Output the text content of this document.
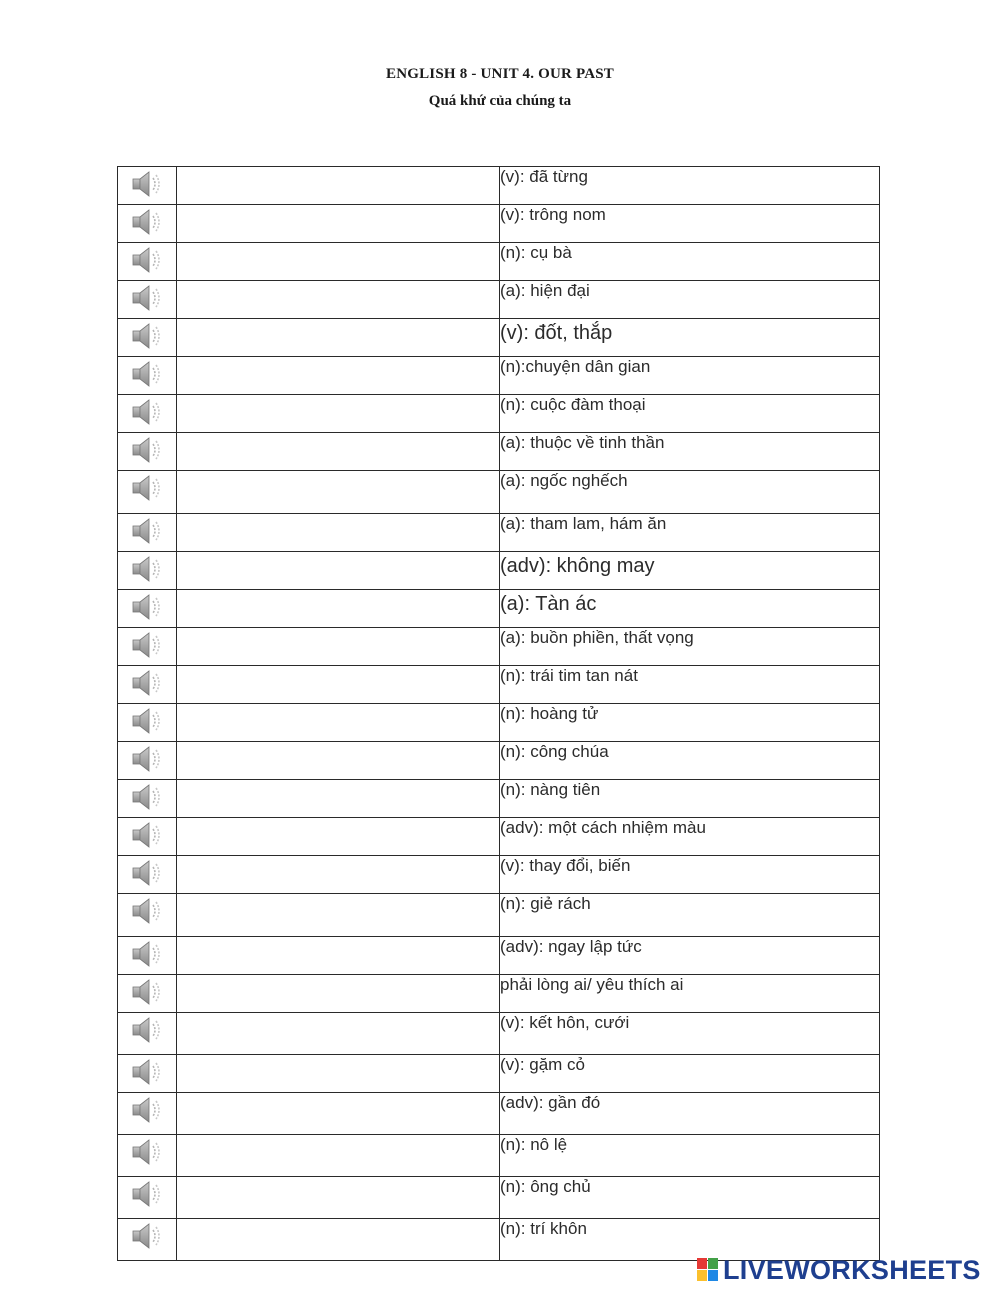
ENGLISH 8 - UNIT 4. OUR PAST
Quá khứ của chúng ta
		(v): đã từng

		(v): trông nom

		(n): cụ bà

		(a): hiện đại

		(v): đốt, thắp

		(n):chuyện dân gian

		(n): cuộc đàm thoại

		(a): thuộc về tinh thần

		(a): ngốc nghếch

		(a): tham lam, hám ăn

		(adv): không may

		(a): Tàn ác

		(a): buồn phiền, thất vọng

		(n): trái tim tan nát

		(n): hoàng tử

		(n): công chúa

		(n): nàng tiên

		(adv): một cách nhiệm màu

		(v): thay đổi, biến

		(n): giẻ rách

		(adv): ngay lập tức

		phải lòng ai/ yêu thích ai

		(v): kết hôn, cưới

		(v): gặm cỏ

		(adv): gần đó

		(n): nô lệ

		(n): ông chủ

		(n): trí khôn
LIVEWORKSHEETS
